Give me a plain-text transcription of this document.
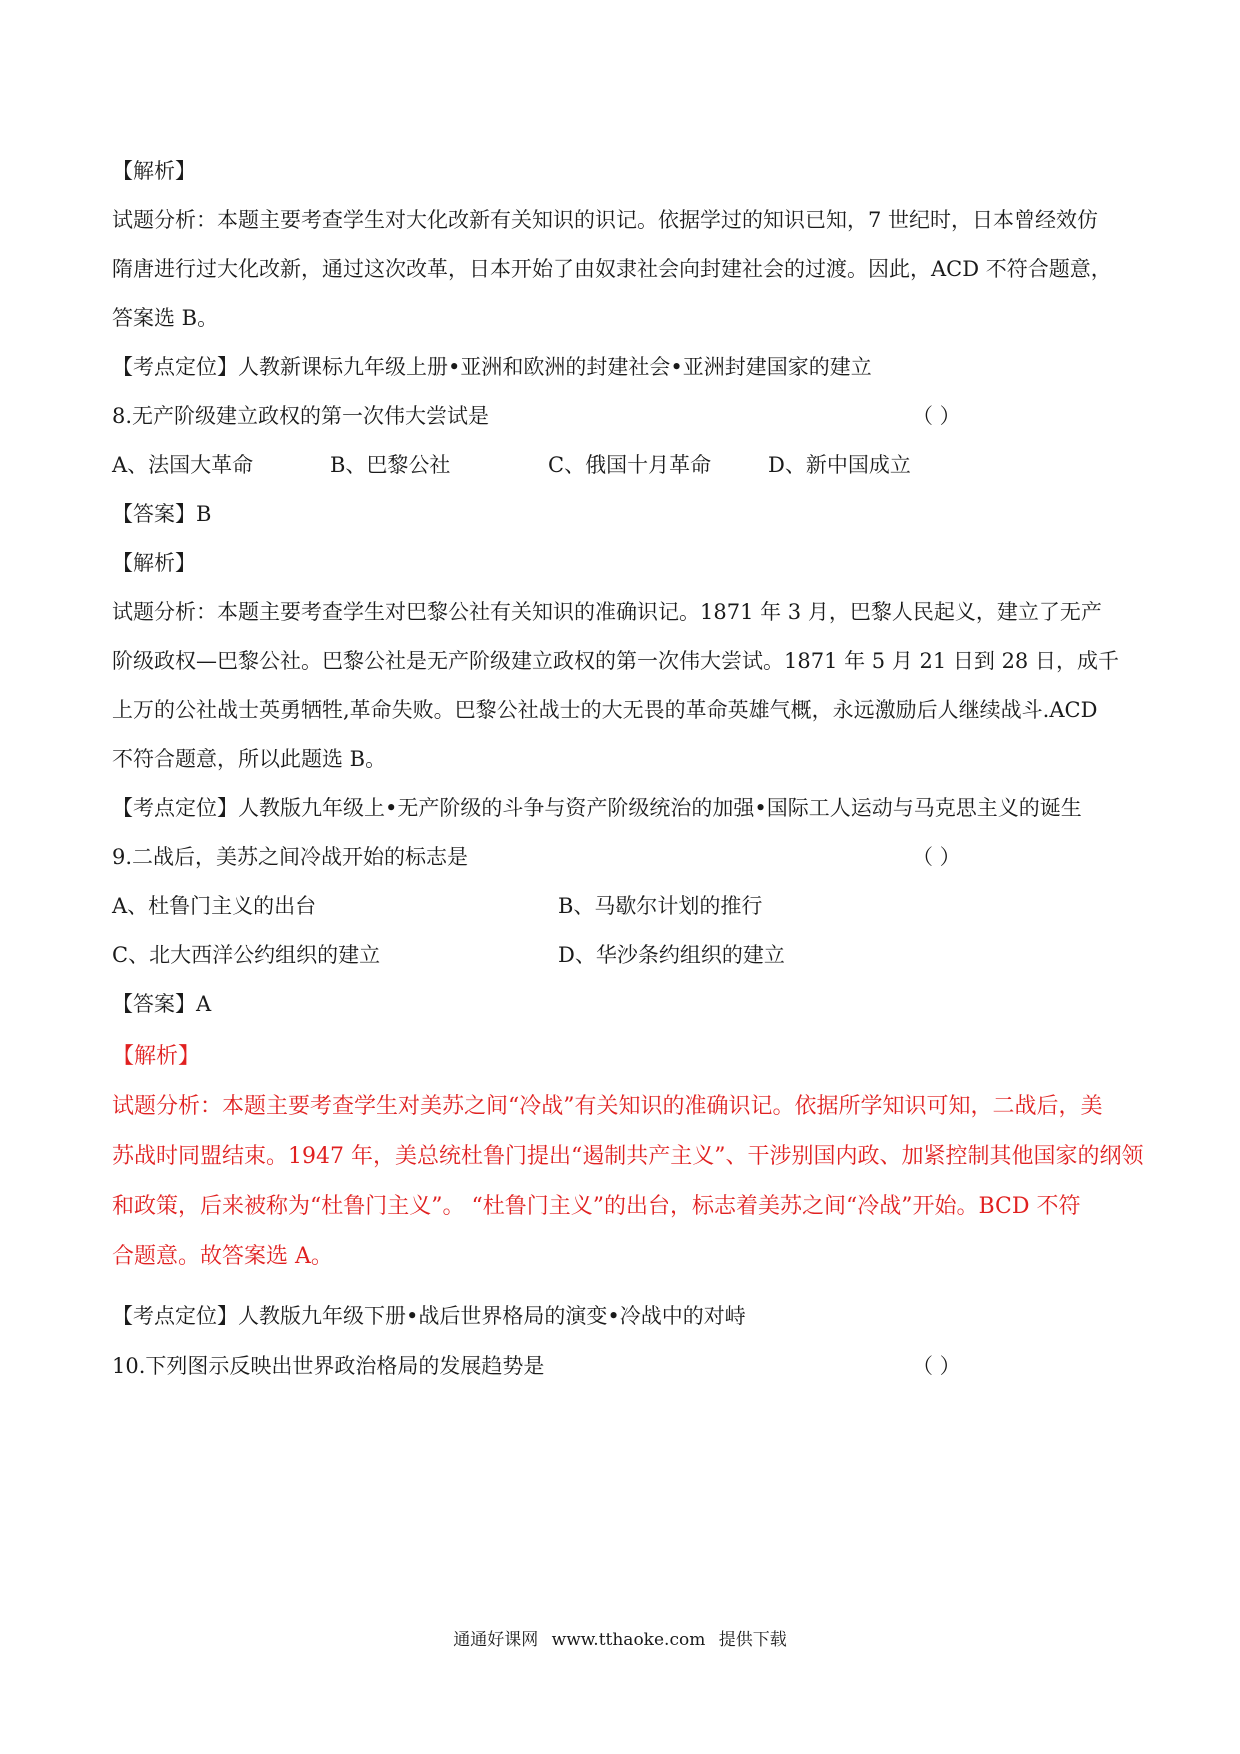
【解析】
试题分析：本题主要考查学生对大化改新有关知识的识记。依据学过的知识已知，7 世纪时，日本曾经效仿
隋唐进行过大化改新，通过这次改革，日本开始了由奴隶社会向封建社会的过渡。因此，ACD 不符合题意，
答案选 B。
【考点定位】人教新课标九年级上册•亚洲和欧洲的封建社会•亚洲封建国家的建立
8.无产阶级建立政权的第一次伟大尝试是	（ ）
A、法国大革命	B、巴黎公社	C、俄国十月革命	D、新中国成立
【答案】B
【解析】
试题分析：本题主要考查学生对巴黎公社有关知识的准确识记。1871 年 3 月，巴黎人民起义，建立了无产
阶级政权—巴黎公社。巴黎公社是无产阶级建立政权的第一次伟大尝试。1871 年 5 月 21 日到 28 日，成千
上万的公社战士英勇牺牲,革命失败。巴黎公社战士的大无畏的革命英雄气概，永远激励后人继续战斗.ACD
不符合题意，所以此题选 B。
【考点定位】人教版九年级上•无产阶级的斗争与资产阶级统治的加强•国际工人运动与马克思主义的诞生
9.二战后，美苏之间冷战开始的标志是	（ ）
A、杜鲁门主义的出台	B、马歇尔计划的推行
C、北大西洋公约组织的建立	D、华沙条约组织的建立
【答案】A
【解析】
试题分析：本题主要考查学生对美苏之间“冷战”有关知识的准确识记。依据所学知识可知，二战后，美
苏战时同盟结束。1947 年，美总统杜鲁门提出“遏制共产主义”、干涉别国内政、加紧控制其他国家的纲领
和政策，后来被称为“杜鲁门主义”。 “杜鲁门主义”的出台，标志着美苏之间“冷战”开始。BCD 不符
合题意。故答案选 A。
【考点定位】人教版九年级下册•战后世界格局的演变•冷战中的对峙
10.下列图示反映出世界政治格局的发展趋势是	（ ）
通通好课网 www.tthaoke.com 提供下载
